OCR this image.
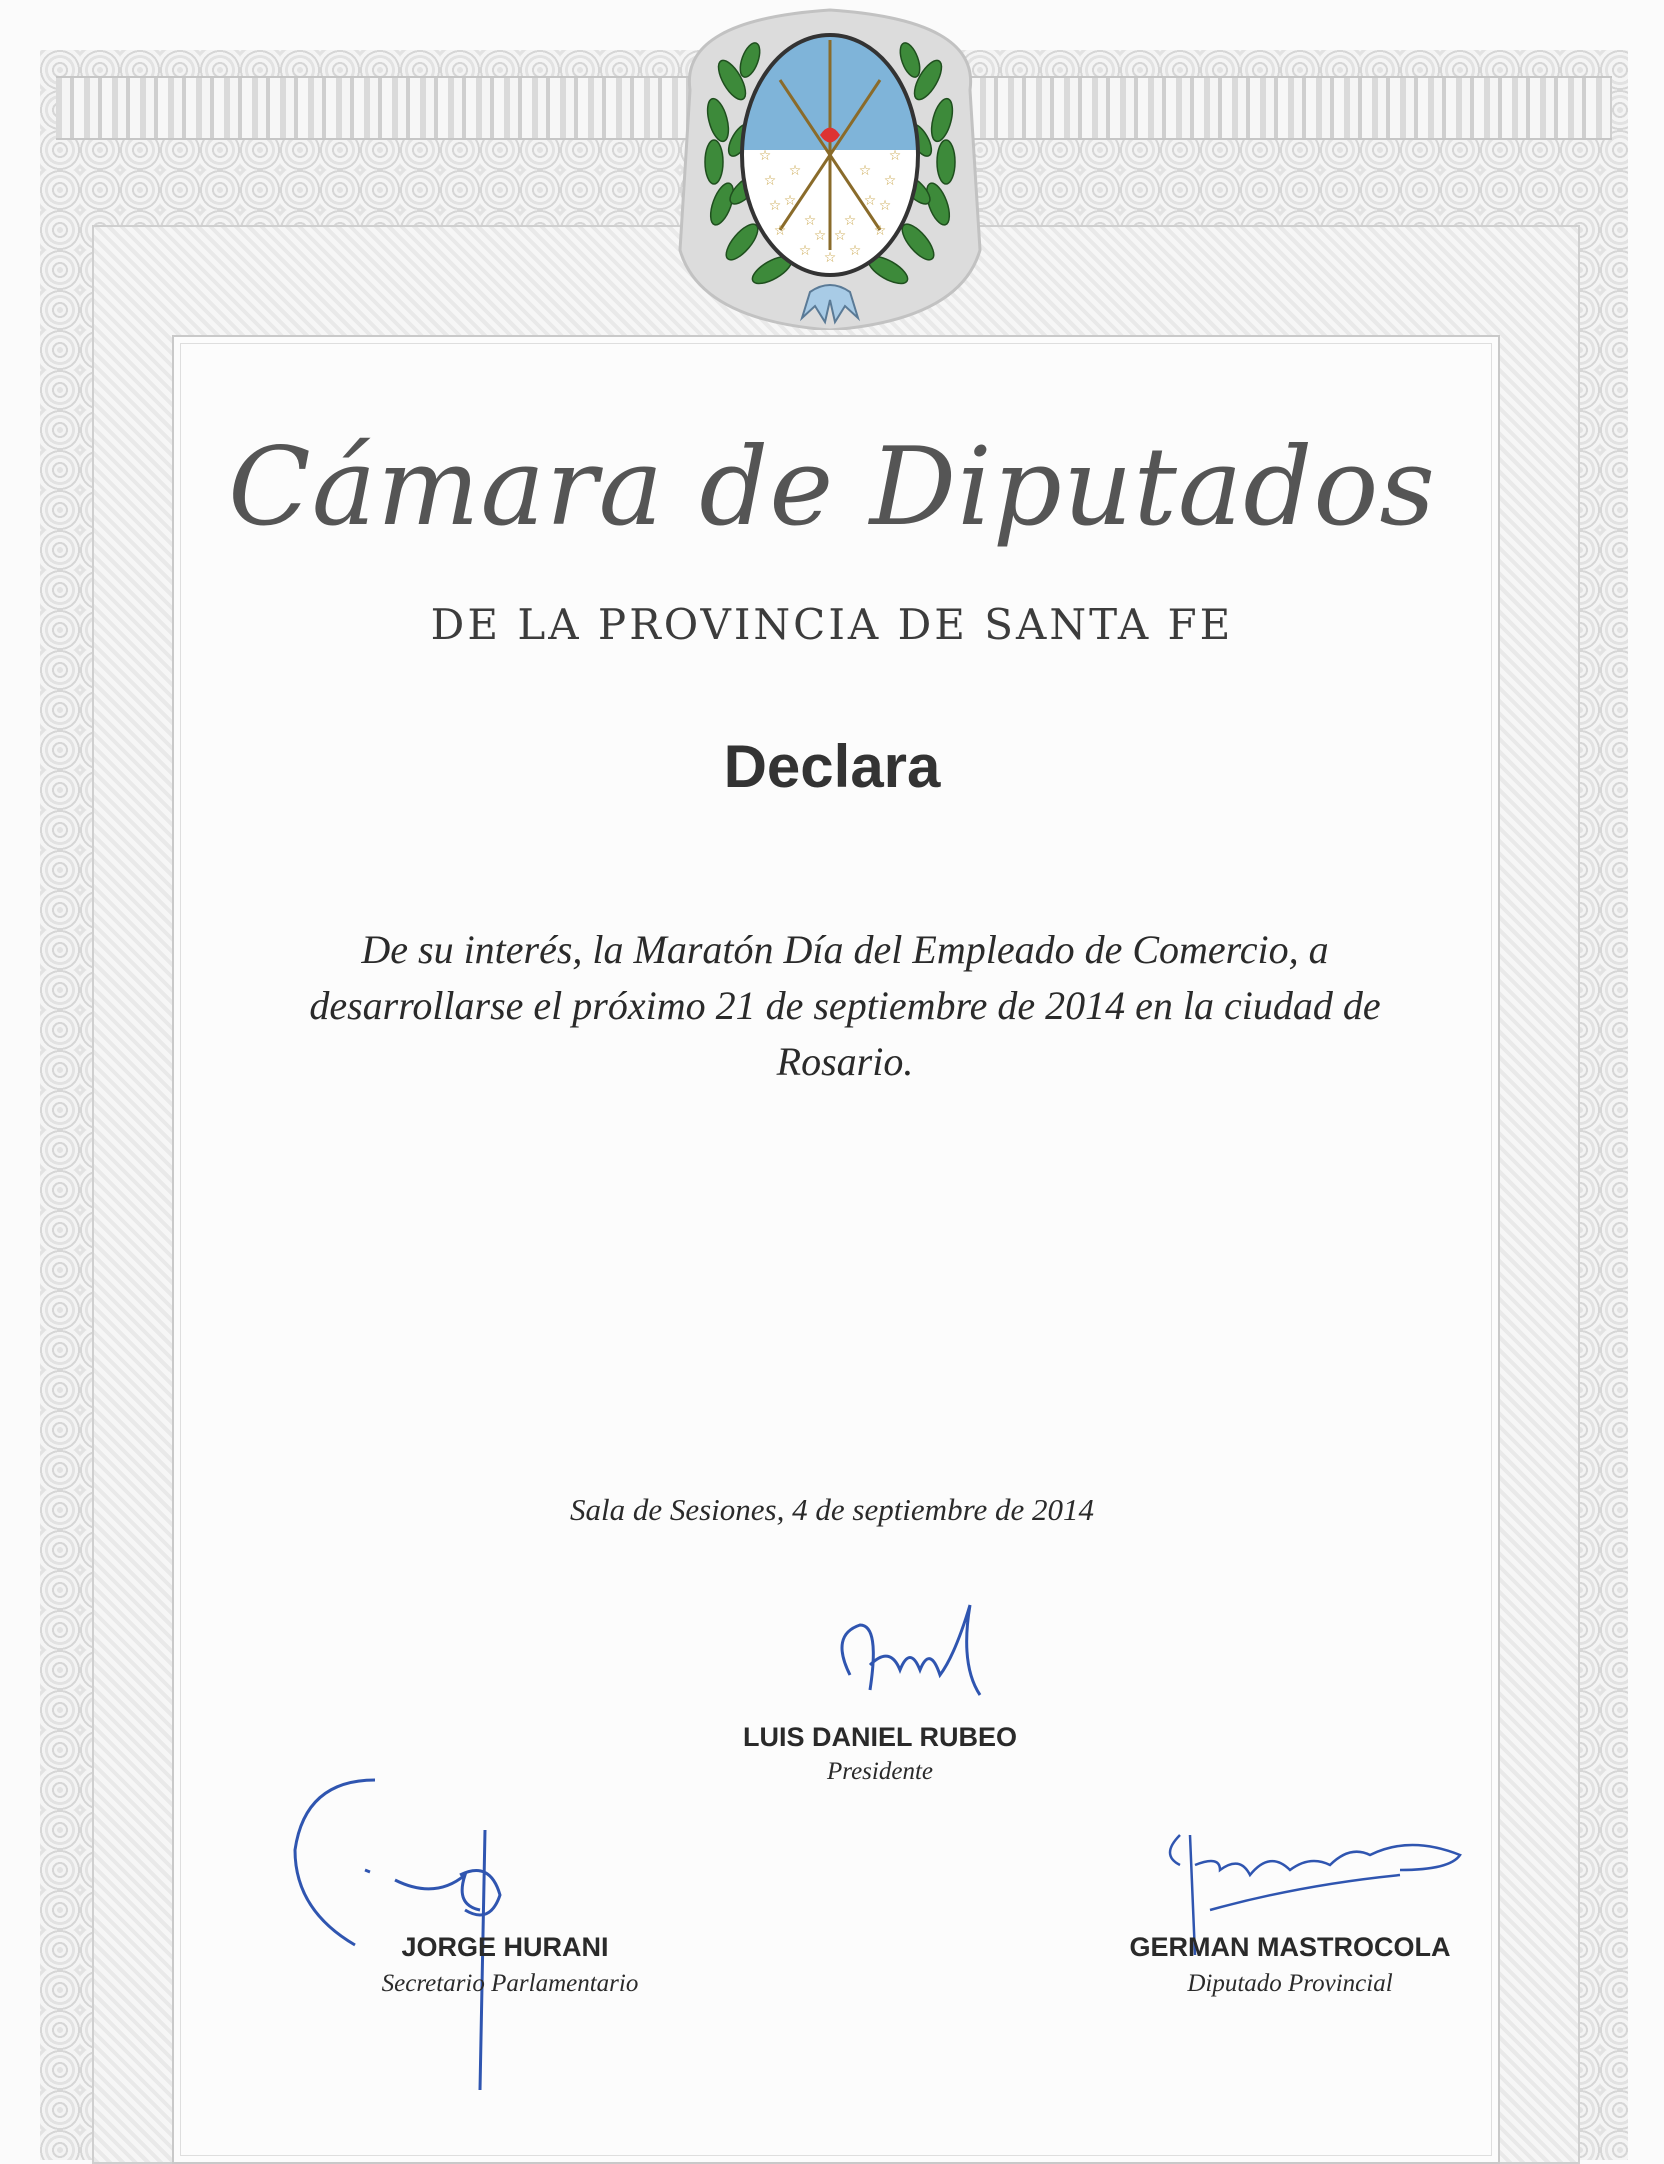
☆
☆
☆ ☆
☆
☆
☆
☆ ☆ ☆
☆
☆	☆
☆	☆
☆ ☆
☆	☆
Cámara de Diputados
DE LA PROVINCIA DE SANTA FE
Declara
De su interés, la Maratón Día del Empleado de Comercio, a desarrollarse el próximo 21 de septiembre de 2014 en la ciudad de Rosario.
Sala de Sesiones, 4 de septiembre de 2014
LUIS DANIEL RUBEO
Presidente
JORGE HURANI
Secretario Parlamentario
GERMAN MASTROCOLA
Diputado Provincial
